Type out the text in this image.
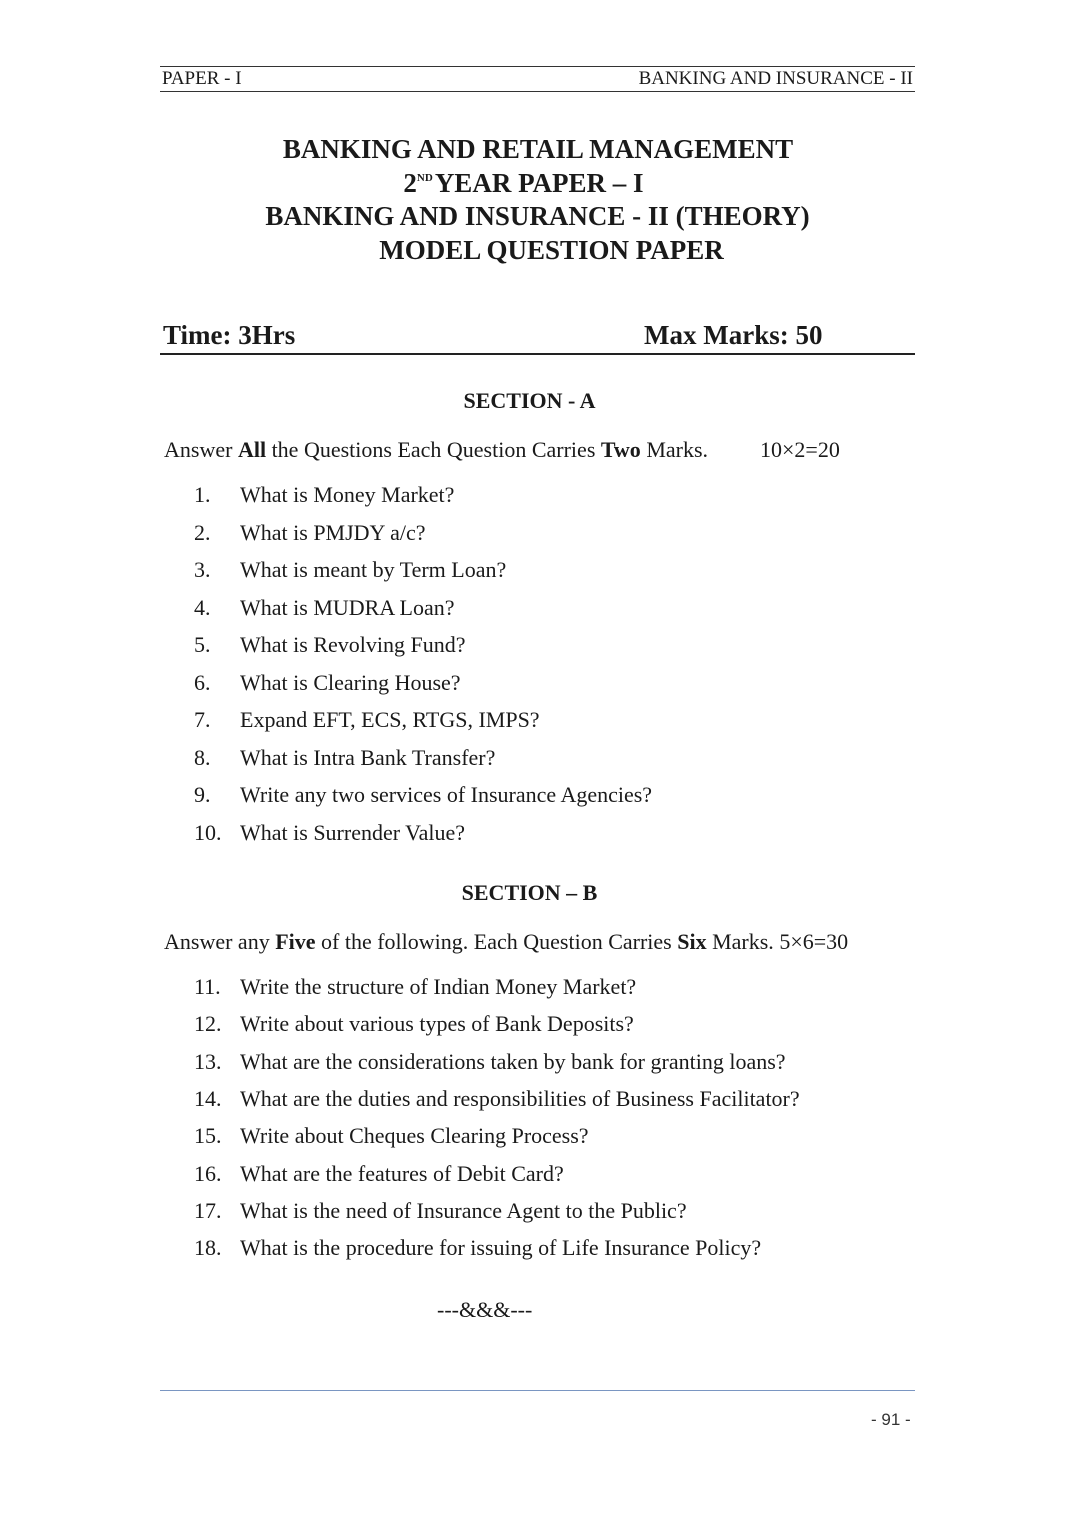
PAPER - I	BANKING AND INSURANCE - II
BANKING AND RETAIL MANAGEMENT
2NDYEAR PAPER – I
BANKING AND INSURANCE - II (THEORY)
MODEL QUESTION PAPER
Time: 3Hrs	Max Marks: 50
SECTION - A
Answer All the Questions Each Question Carries Two Marks. 10×2=20
1. What is Money Market?
2. What is PMJDY a/c?
3. What is meant by Term Loan?
4. What is MUDRA Loan?
5. What is Revolving Fund?
6. What is Clearing House?
7. Expand EFT, ECS, RTGS, IMPS?
8. What is Intra Bank Transfer?
9. Write any two services of Insurance Agencies?
10. What is Surrender Value?
SECTION – B
Answer any Five of the following. Each Question Carries Six Marks. 5×6=30
11. Write the structure of Indian Money Market?
12. Write about various types of Bank Deposits?
13. What are the considerations taken by bank for granting loans?
14. What are the duties and responsibilities of Business Facilitator?
15. Write about Cheques Clearing Process?
16. What are the features of Debit Card?
17. What is the need of Insurance Agent to the Public?
18. What is the procedure for issuing of Life Insurance Policy?
---&&&---
- 91 -
